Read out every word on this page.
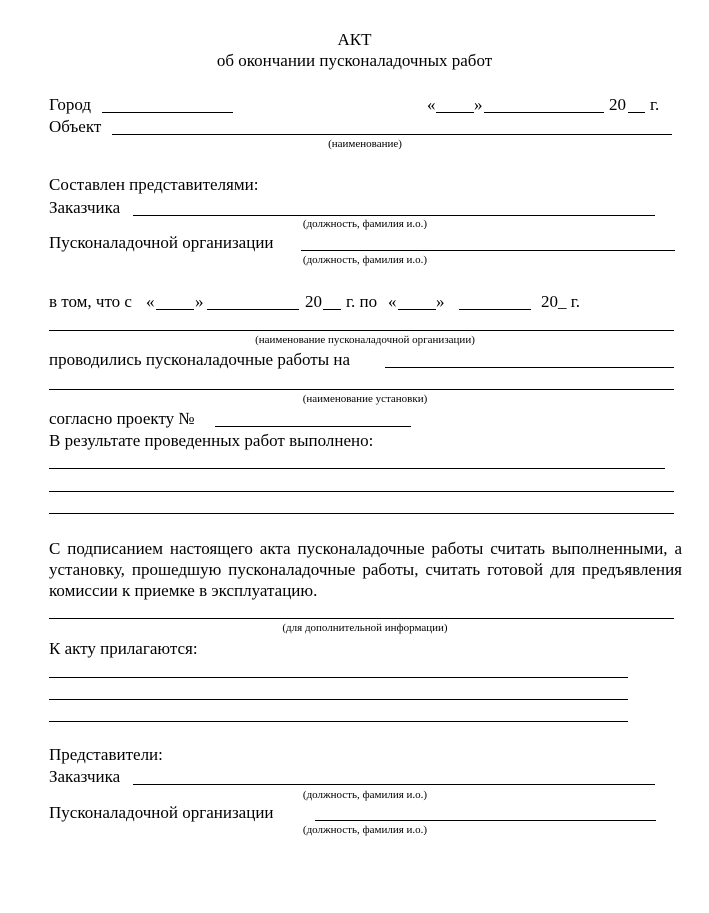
АКТ
об окончании пусконаладочных работ
Город	« »	20 г.
Объект
(наименование)
Составлен представителями:
Заказчика
(должность, фамилия и.о.)
Пусконаладочной организации
(должность, фамилия и.о.)
в том, что с « »	20 г. по « »	20_ г.
(наименование пусконаладочной организации)
проводились пусконаладочные работы на
(наименование установки)
согласно проекту №
В результате проведенных работ выполнено:
С подписанием настоящего акта пусконаладочные работы считать выполненными, а установку, прошедшую пусконаладочные работы, считать готовой для предъявления комиссии к приемке в эксплуатацию.
(для дополнительной информации)
К акту прилагаются:
Представители:
Заказчика
(должность, фамилия и.о.)
Пусконаладочной организации
(должность, фамилия и.о.)
